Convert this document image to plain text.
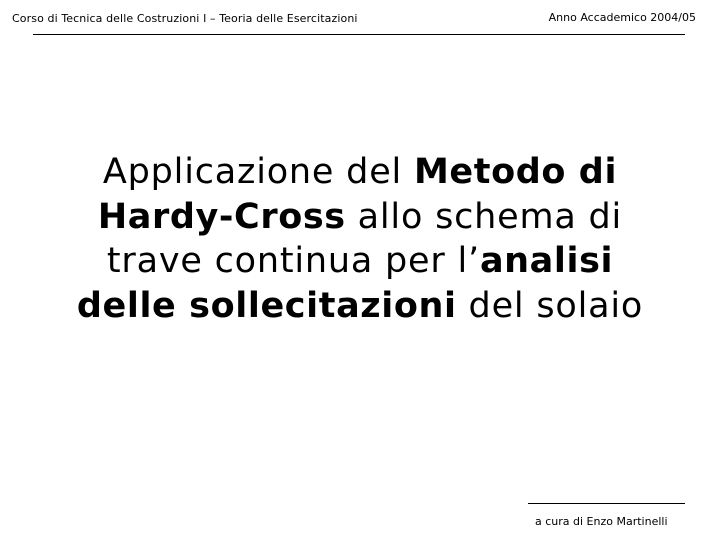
Corso di Tecnica delle Costruzioni I – Teoria delle Esercitazioni	Anno Accademico 2004/05
Applicazione del Metodo di
Hardy-Cross allo schema di
trave continua per l’analisi
delle sollecitazioni del solaio
a cura di Enzo Martinelli
